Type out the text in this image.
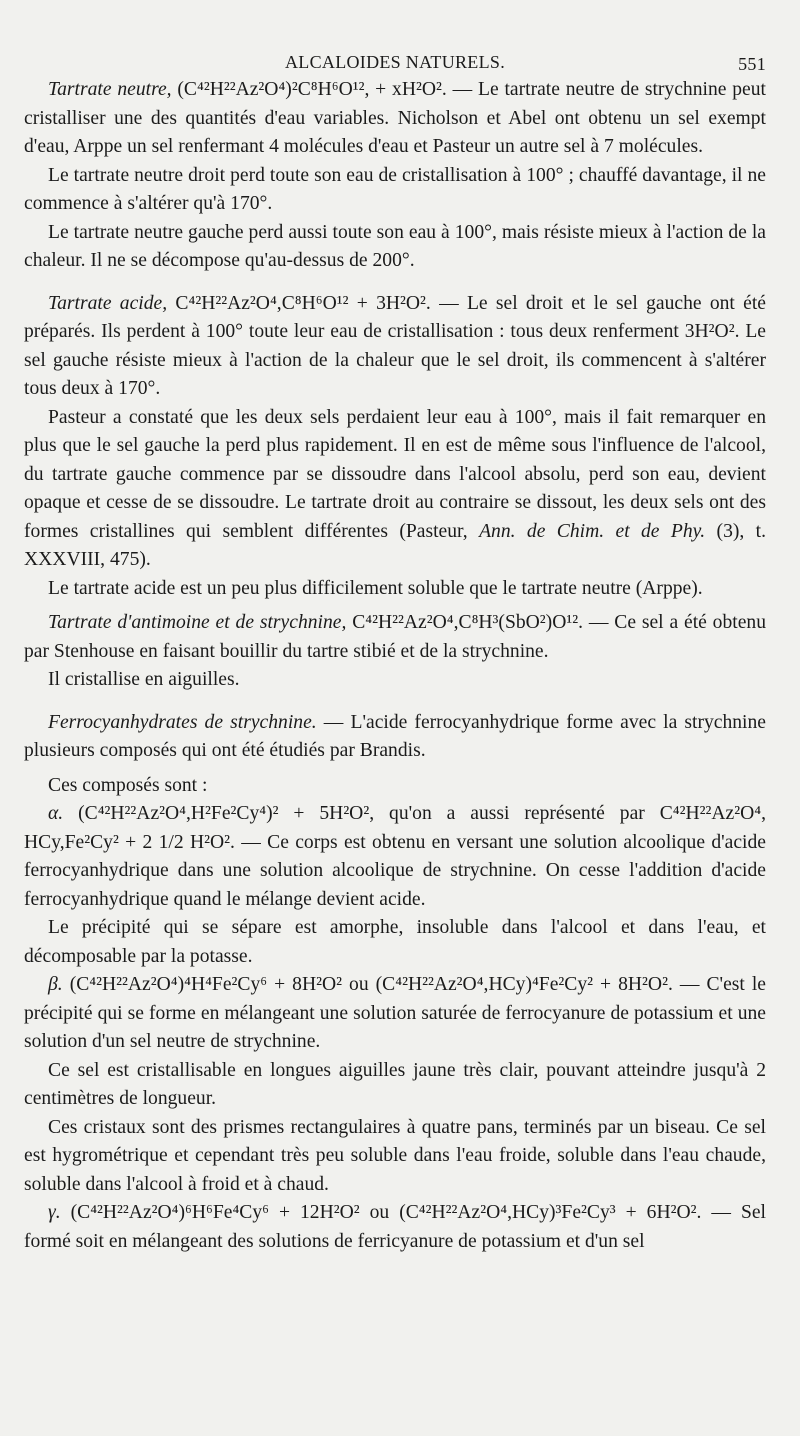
ALCALOIDES NATURELS.	551

Tartrate neutre, (C⁴²H²²Az²O⁴)²C⁸H⁶O¹², + xH²O². — Le tartrate neutre de strychnine peut cristalliser une des quantités d'eau variables. Nicholson et Abel ont obtenu un sel exempt d'eau, Arppe un sel renfermant 4 molécules d'eau et Pasteur un autre sel à 7 molécules.

Le tartrate neutre droit perd toute son eau de cristallisation à 100° ; chauffé davantage, il ne commence à s'altérer qu'à 170°.

Le tartrate neutre gauche perd aussi toute son eau à 100°, mais résiste mieux à l'action de la chaleur. Il ne se décompose qu'au-dessus de 200°.

Tartrate acide, C⁴²H²²Az²O⁴,C⁸H⁶O¹² + 3H²O². — Le sel droit et le sel gauche ont été préparés. Ils perdent à 100° toute leur eau de cristallisation : tous deux renferment 3H²O². Le sel gauche résiste mieux à l'action de la chaleur que le sel droit, ils commencent à s'altérer tous deux à 170°.

Pasteur a constaté que les deux sels perdaient leur eau à 100°, mais il fait remarquer en plus que le sel gauche la perd plus rapidement. Il en est de même sous l'influence de l'alcool, du tartrate gauche commence par se dissoudre dans l'alcool absolu, perd son eau, devient opaque et cesse de se dissoudre. Le tartrate droit au contraire se dissout, les deux sels ont des formes cristallines qui semblent différentes (Pasteur, Ann. de Chim. et de Phy. (3), t. XXXVIII, 475).

Le tartrate acide est un peu plus difficilement soluble que le tartrate neutre (Arppe).

Tartrate d'antimoine et de strychnine, C⁴²H²²Az²O⁴,C⁸H³(SbO²)O¹². — Ce sel a été obtenu par Stenhouse en faisant bouillir du tartre stibié et de la strychnine.

Il cristallise en aiguilles.

Ferrocyanhydrates de strychnine. — L'acide ferrocyanhydrique forme avec la strychnine plusieurs composés qui ont été étudiés par Brandis.

Ces composés sont :

α. (C⁴²H²²Az²O⁴,H²Fe²Cy⁴)² + 5H²O², qu'on a aussi représenté par C⁴²H²²Az²O⁴, HCy,Fe²Cy² + 2 1/2 H²O². — Ce corps est obtenu en versant une solution alcoolique d'acide ferrocyanhydrique dans une solution alcoolique de strychnine. On cesse l'addition d'acide ferrocyanhydrique quand le mélange devient acide.

Le précipité qui se sépare est amorphe, insoluble dans l'alcool et dans l'eau, et décomposable par la potasse.

β. (C⁴²H²²Az²O⁴)⁴H⁴Fe²Cy⁶ + 8H²O² ou (C⁴²H²²Az²O⁴,HCy)⁴Fe²Cy² + 8H²O². — C'est le précipité qui se forme en mélangeant une solution saturée de ferrocyanure de potassium et une solution d'un sel neutre de strychnine.

Ce sel est cristallisable en longues aiguilles jaune très clair, pouvant atteindre jusqu'à 2 centimètres de longueur.

Ces cristaux sont des prismes rectangulaires à quatre pans, terminés par un biseau. Ce sel est hygrométrique et cependant très peu soluble dans l'eau froide, soluble dans l'eau chaude, soluble dans l'alcool à froid et à chaud.

γ. (C⁴²H²²Az²O⁴)⁶H⁶Fe⁴Cy⁶ + 12H²O² ou (C⁴²H²²Az²O⁴,HCy)³Fe²Cy³ + 6H²O². — Sel formé soit en mélangeant des solutions de ferricyanure de potassium et d'un sel
